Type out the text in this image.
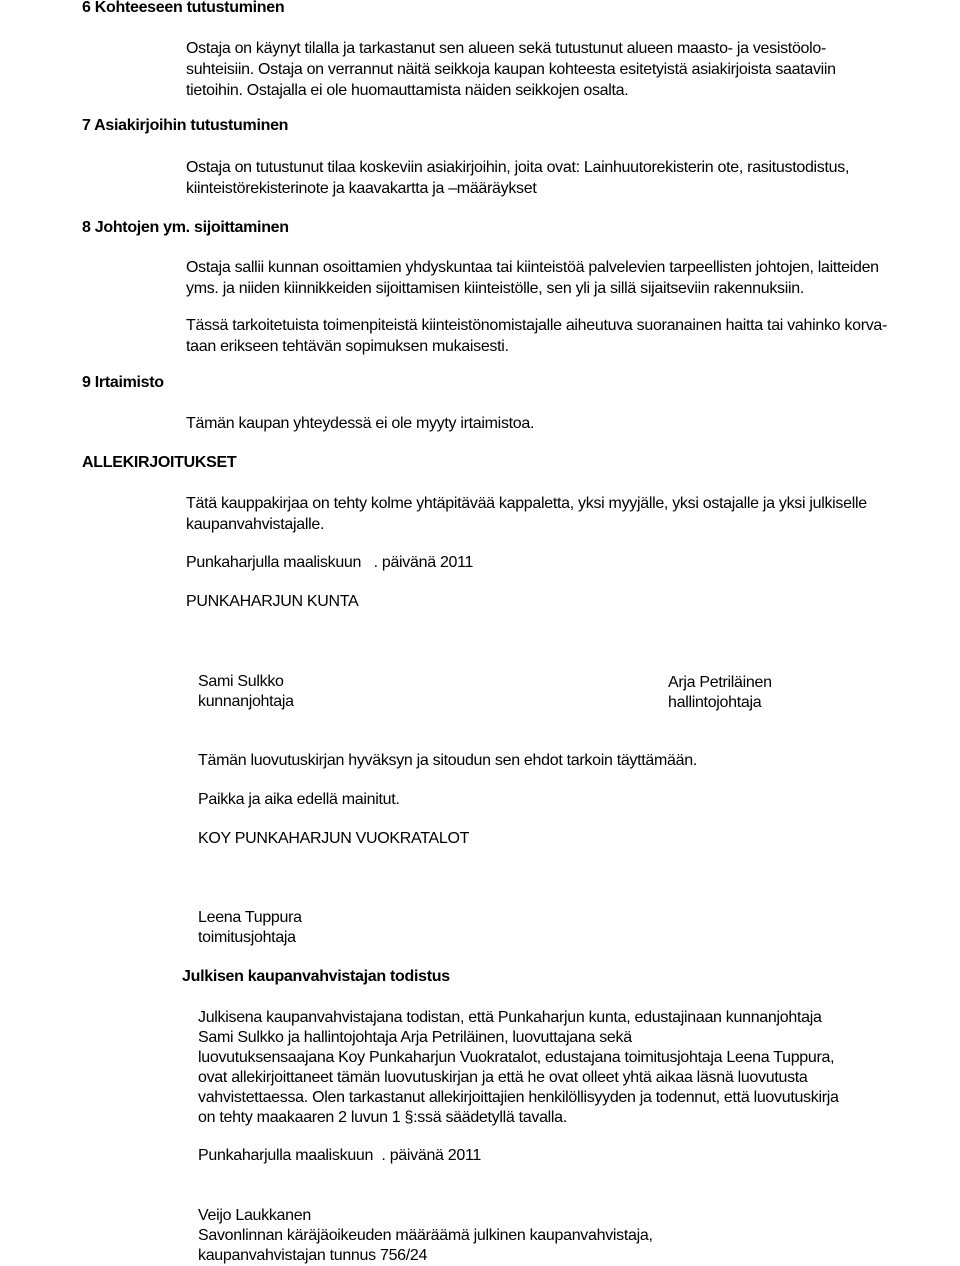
6 Kohteeseen tutustuminen
Ostaja on käynyt tilalla ja tarkastanut sen alueen sekä tutustunut alueen maasto- ja vesistöolo-
suhteisiin. Ostaja on verrannut näitä seikkoja kaupan kohteesta esitetyistä asiakirjoista saataviin
tietoihin. Ostajalla ei ole huomauttamista näiden seikkojen osalta.
7 Asiakirjoihin tutustuminen
Ostaja on tutustunut tilaa koskeviin asiakirjoihin, joita ovat: Lainhuutorekisterin ote, rasitustodistus,
kiinteistörekisterinote ja kaavakartta ja –määräykset
8 Johtojen ym. sijoittaminen
Ostaja sallii kunnan osoittamien yhdyskuntaa tai kiinteistöä palvelevien tarpeellisten johtojen, laitteiden
yms. ja niiden kiinnikkeiden sijoittamisen kiinteistölle, sen yli ja sillä sijaitseviin rakennuksiin.
Tässä tarkoitetuista toimenpiteistä kiinteistönomistajalle aiheutuva suoranainen haitta tai vahinko korva-
taan erikseen tehtävän sopimuksen mukaisesti.
9 Irtaimisto
Tämän kaupan yhteydessä ei ole myyty irtaimistoa.
ALLEKIRJOITUKSET
Tätä kauppakirjaa on tehty kolme yhtäpitävää kappaletta, yksi myyjälle, yksi ostajalle ja yksi julkiselle
kaupanvahvistajalle.
Punkaharjulla maaliskuun   . päivänä 2011
PUNKAHARJUN KUNTA
Sami Sulkko
kunnanjohtaja
Arja Petriläinen
hallintojohtaja
Tämän luovutuskirjan hyväksyn ja sitoudun sen ehdot tarkoin täyttämään.
Paikka ja aika edellä mainitut.
KOY PUNKAHARJUN VUOKRATALOT
Leena Tuppura
toimitusjohtaja
Julkisen kaupanvahvistajan todistus
Julkisena kaupanvahvistajana todistan, että Punkaharjun kunta, edustajinaan kunnanjohtaja
Sami Sulkko ja hallintojohtaja Arja Petriläinen, luovuttajana sekä
luovutuksensaajana Koy Punkaharjun Vuokratalot, edustajana toimitusjohtaja Leena Tuppura,
ovat allekirjoittaneet tämän luovutuskirjan ja että he ovat olleet yhtä aikaa läsnä luovutusta
vahvistettaessa. Olen tarkastanut allekirjoittajien henkilöllisyyden ja todennut, että luovutuskirja
on tehty maakaaren 2 luvun 1 §:ssä säädetyllä tavalla.
Punkaharjulla maaliskuun  . päivänä 2011
Veijo Laukkanen
Savonlinnan käräjäoikeuden määräämä julkinen kaupanvahvistaja,
kaupanvahvistajan tunnus 756/24
